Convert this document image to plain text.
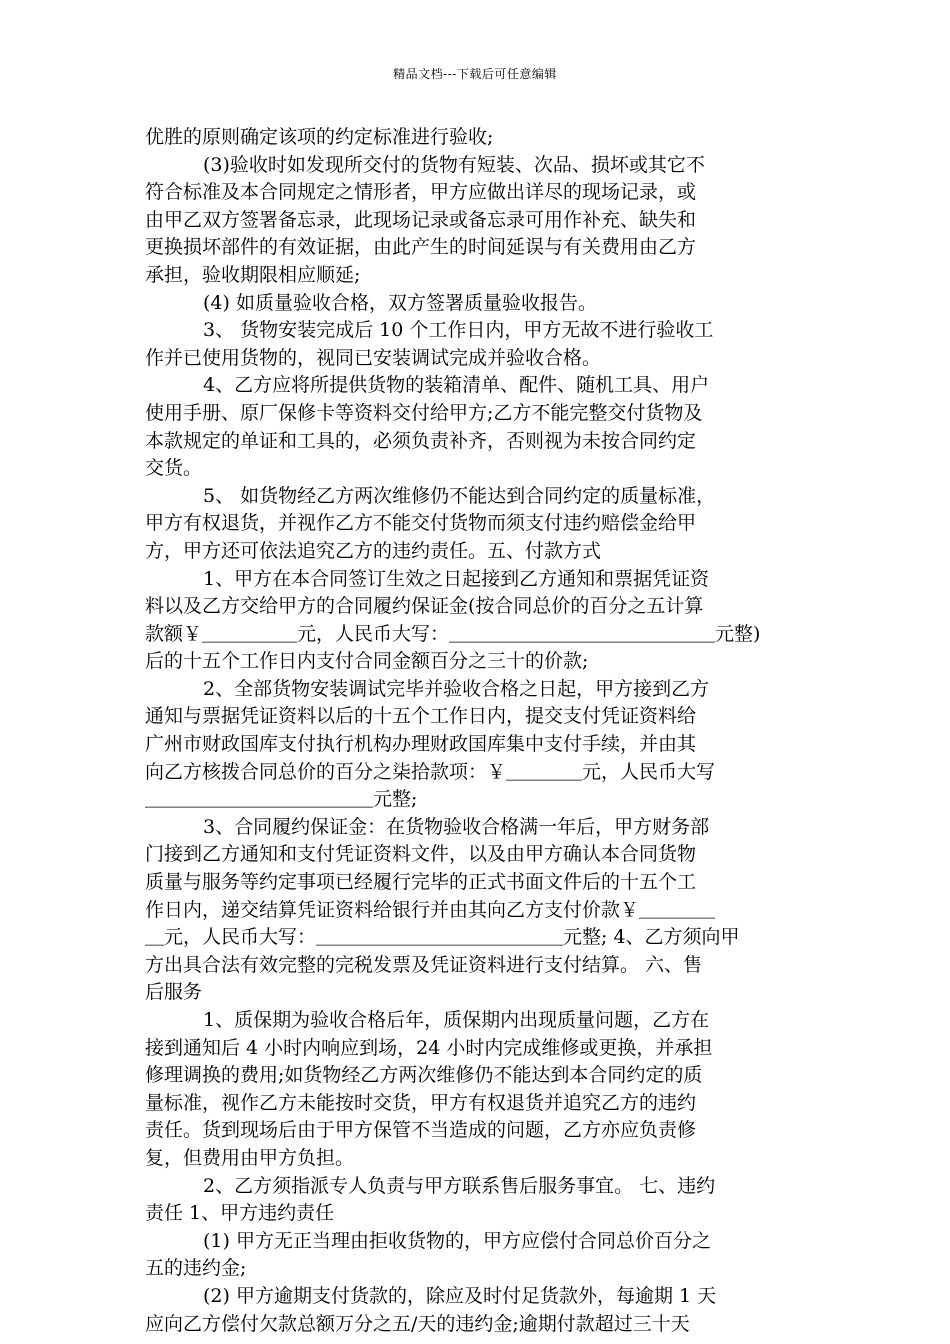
精品文档---下载后可任意编辑
优胜的原则确定该项的约定标准进行验收;
(3)验收时如发现所交付的货物有短装、次品、损坏或其它不
符合标准及本合同规定之情形者，甲方应做出详尽的现场记录，或
由甲乙双方签署备忘录，此现场记录或备忘录可用作补充、缺失和
更换损坏部件的有效证据，由此产生的时间延误与有关费用由乙方
承担，验收期限相应顺延;
(4) 如质量验收合格，双方签署质量验收报告。
3、 货物安装完成后 10 个工作日内，甲方无故不进行验收工
作并已使用货物的，视同已安装调试完成并验收合格。
4、乙方应将所提供货物的装箱清单、配件、随机工具、用户
使用手册、原厂保修卡等资料交付给甲方;乙方不能完整交付货物及
本款规定的单证和工具的，必须负责补齐，否则视为未按合同约定
交货。
5、 如货物经乙方两次维修仍不能达到合同约定的质量标准，
甲方有权退货，并视作乙方不能交付货物而须支付违约赔偿金给甲
方，甲方还可依法追究乙方的违约责任。五、付款方式
1、甲方在本合同签订生效之日起接到乙方通知和票据凭证资
料以及乙方交给甲方的合同履约保证金(按合同总价的百分之五计算
款额￥＿＿＿＿＿元，人民币大写：＿＿＿＿＿＿＿＿＿＿＿＿＿＿元整)
后的十五个工作日内支付合同金额百分之三十的价款;
2、全部货物安装调试完毕并验收合格之日起，甲方接到乙方
通知与票据凭证资料以后的十五个工作日内，提交支付凭证资料给
广州市财政国库支付执行机构办理财政国库集中支付手续，并由其
向乙方核拨合同总价的百分之柒拾款项：￥＿＿＿＿元，人民币大写
＿＿＿＿＿＿＿＿＿＿＿＿元整;
3、合同履约保证金：在货物验收合格满一年后，甲方财务部
门接到乙方通知和支付凭证资料文件，以及由甲方确认本合同货物
质量与服务等约定事项已经履行完毕的正式书面文件后的十五个工
作日内，递交结算凭证资料给银行并由其向乙方支付价款￥＿＿＿＿
＿元，人民币大写：＿＿＿＿＿＿＿＿＿＿＿＿＿元整; 4、乙方须向甲
方出具合法有效完整的完税发票及凭证资料进行支付结算。 六、售
后服务
1、质保期为验收合格后年，质保期内出现质量问题，乙方在
接到通知后 4 小时内响应到场，24 小时内完成维修或更换，并承担
修理调换的费用;如货物经乙方两次维修仍不能达到本合同约定的质
量标准，视作乙方未能按时交货，甲方有权退货并追究乙方的违约
责任。货到现场后由于甲方保管不当造成的问题，乙方亦应负责修
复，但费用由甲方负担。
2、乙方须指派专人负责与甲方联系售后服务事宜。 七、违约
责任 1、甲方违约责任
(1) 甲方无正当理由拒收货物的，甲方应偿付合同总价百分之
五的违约金;
(2) 甲方逾期支付货款的，除应及时付足货款外，每逾期 1 天
应向乙方偿付欠款总额万分之五/天的违约金;逾期付款超过三十天
